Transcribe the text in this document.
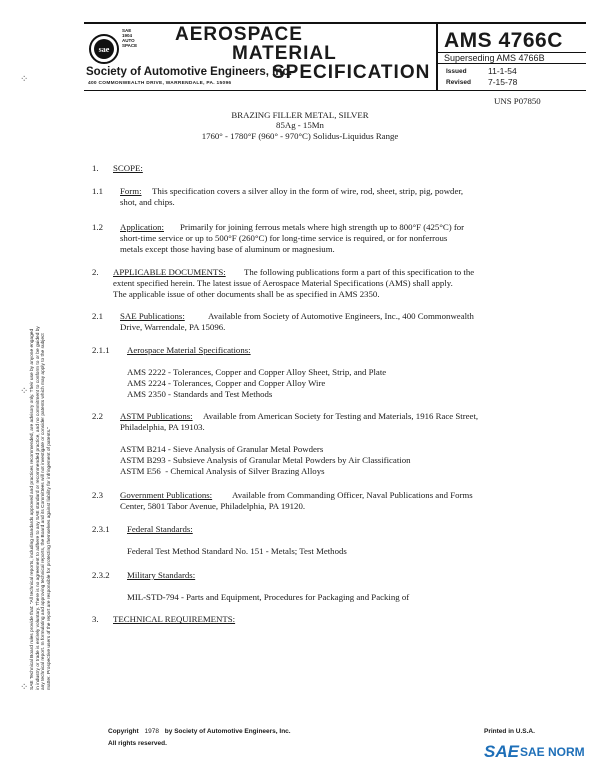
sae
SAE
1904
AUTO
SPACE
AEROSPACE
MATERIAL
SPECIFICATION
Society of Automotive Engineers, Inc.
400 COMMONWEALTH DRIVE, WARRENDALE, PA. 15096
AMS 4766C
Superseding AMS 4766B
Issued	11-1-54
Revised 7-15-78
UNS P07850
BRAZING FILLER METAL, SILVER
85Ag - 15Mn
1760° - 1780°F (960° - 970°C) Solidus-Liquidus Range
1. SCOPE:
1.1 Form: This specification covers a silver alloy in the form of wire, rod, sheet, strip, pig, powder,
shot, and chips.
1.2 Application: Primarily for joining ferrous metals where high strength up to 800°F (425°C) for
short-time service or up to 500°F (260°C) for long-time service is required, or for nonferrous
metals except those having base of aluminum or magnesium.
2. APPLICABLE DOCUMENTS: The following publications form a part of this specification to the
extent specified herein. The latest issue of Aerospace Material Specifications (AMS) shall apply.
The applicable issue of other documents shall be as specified in AMS 2350.
2.1 SAE Publications:	Available from Society of Automotive Engineers, Inc., 400 Commonwealth
Drive, Warrendale, PA 15096.
2.1.1 Aerospace Material Specifications:
AMS 2222 - Tolerances, Copper and Copper Alloy Sheet, Strip, and Plate
AMS 2224 - Tolerances, Copper and Copper Alloy Wire
AMS 2350 - Standards and Test Methods
2.2 ASTM Publications: Available from American Society for Testing and Materials, 1916 Race Street,
Philadelphia, PA 19103.
ASTM B214 - Sieve Analysis of Granular Metal Powders
ASTM B293 - Subsieve Analysis of Granular Metal Powders by Air Classification
ASTM E56  - Chemical Analysis of Silver Brazing Alloys
2.3 Government Publications: Available from Commanding Officer, Naval Publications and Forms
Center, 5801 Tabor Avenue, Philadelphia, PA 19120.
2.3.1 Federal Standards:
Federal Test Method Standard No. 151 - Metals; Test Methods
2.3.2 Military Standards:
MIL-STD-794 - Parts and Equipment, Procedures for Packaging and Packing of
3. TECHNICAL REQUIREMENTS:
SAE Technical Board rules provide that: "All technical reports, including standards approved and practices recommended, are advisory only. Their use by anyone engaged in industry or trade is entirely voluntary. There is no agreement to adhere to any SAE standard or recommended practice, and no commitment to conform to or be guided by any technical report. In formulating and approving technical reports, the Board and its Committees will not investigate or consider patents which may apply to the subject matter. Prospective users of the report are responsible for protecting themselves against liability for infringement of patents."
⁘
⁘
⁘
Copyright 1978 by Society of Automotive Engineers, Inc.
All rights reserved.
Printed in U.S.A.
SAE SAE NORM
